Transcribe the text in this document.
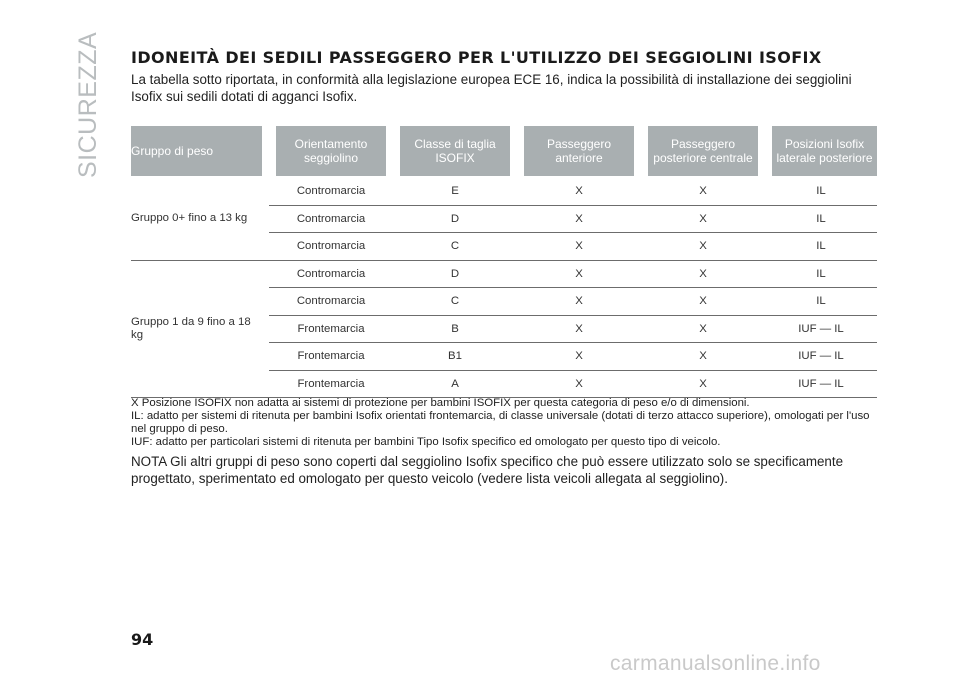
SICUREZZA IDONEITÀ DEI SEDILI PASSEGGERO PER L'UTILIZZO DEI SEGGIOLINI ISOFIX

La tabella sotto riportata, in conformità alla legislazione europea ECE 16, indica la possibilità di installazione dei seggiolini Isofix sui sedili dotati di agganci Isofix.

Gruppo di peso	Orientamento seggiolino	Classe di taglia ISOFIX	Passeggero anteriore	Passeggero posteriore centrale	Posizioni Isofix laterale posteriore
Gruppo 0+ fino a 13 kg	Contromarcia	E	X	X	IL
	Contromarcia	D	X	X	IL
	Contromarcia	C	X	X	IL
Gruppo 1 da 9 fino a 18 kg	Contromarcia	D	X	X	IL
	Contromarcia	C	X	X	IL
	Frontemarcia	B	X	X	IUF — IL
	Frontemarcia	B1	X	X	IUF — IL
	Frontemarcia	A	X	X	IUF — IL

X Posizione ISOFIX non adatta ai sistemi di protezione per bambini ISOFIX per questa categoria di peso e/o di dimensioni.

IL: adatto per sistemi di ritenuta per bambini Isofix orientati frontemarcia, di classe universale (dotati di terzo attacco superiore), omologati per l'uso nel gruppo di peso.

IUF: adatto per particolari sistemi di ritenuta per bambini Tipo Isofix specifico ed omologato per questo tipo di veicolo.

NOTA Gli altri gruppi di peso sono coperti dal seggiolino Isofix specifico che può essere utilizzato solo se specificamente progettato, sperimentato ed omologato per questo veicolo (vedere lista veicoli allegata al seggiolino).

94
carmanualsonline.info
